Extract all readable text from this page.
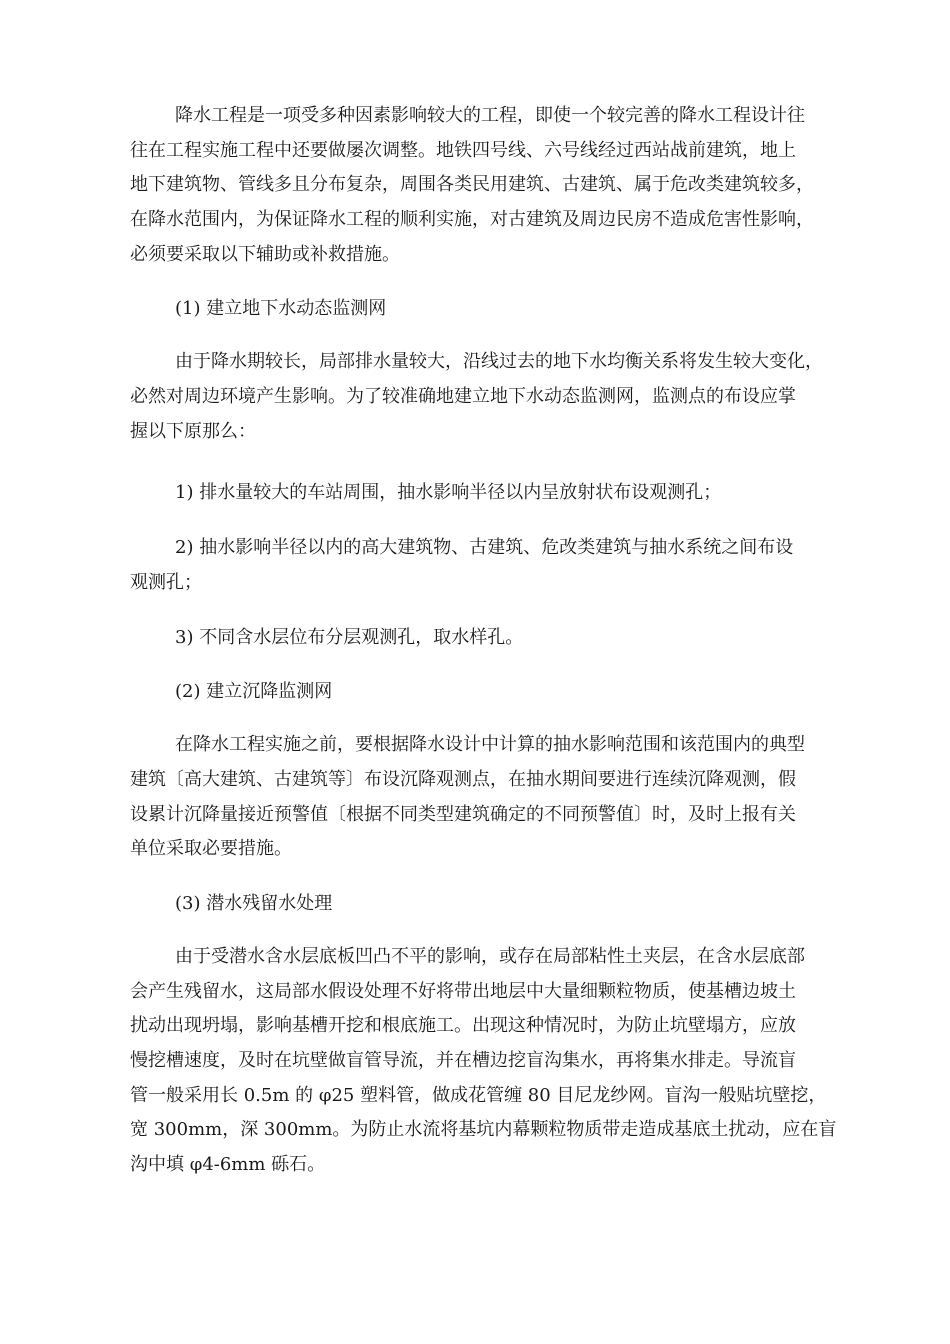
降水工程是一项受多种因素影响较大的工程，即使一个较完善的降水工程设计往
往在工程实施工程中还要做屡次调整。地铁四号线、六号线经过西站战前建筑，地上
地下建筑物、管线多且分布复杂，周围各类民用建筑、古建筑、属于危改类建筑较多，
在降水范围内，为保证降水工程的顺利实施，对古建筑及周边民房不造成危害性影响，
必须要采取以下辅助或补救措施。
(1) 建立地下水动态监测网
由于降水期较长，局部排水量较大，沿线过去的地下水均衡关系将发生较大变化，
必然对周边环境产生影响。为了较准确地建立地下水动态监测网，监测点的布设应掌
握以下原那么：
1) 排水量较大的车站周围，抽水影响半径以内呈放射状布设观测孔；
2) 抽水影响半径以内的高大建筑物、古建筑、危改类建筑与抽水系统之间布设
观测孔；
3) 不同含水层位布分层观测孔，取水样孔。
(2) 建立沉降监测网
在降水工程实施之前，要根据降水设计中计算的抽水影响范围和该范围内的典型
建筑〔高大建筑、古建筑等〕布设沉降观测点，在抽水期间要进行连续沉降观测，假
设累计沉降量接近预警值〔根据不同类型建筑确定的不同预警值〕时，及时上报有关
单位采取必要措施。
(3) 潜水残留水处理
由于受潜水含水层底板凹凸不平的影响，或存在局部粘性土夹层，在含水层底部
会产生残留水，这局部水假设处理不好将带出地层中大量细颗粒物质，使基槽边坡土
扰动出现坍塌，影响基槽开挖和根底施工。出现这种情况时，为防止坑壁塌方，应放
慢挖槽速度，及时在坑壁做盲管导流，并在槽边挖盲沟集水，再将集水排走。导流盲
管一般采用长 0.5m 的 φ25 塑料管，做成花管缠 80 目尼龙纱网。盲沟一般贴坑壁挖，
宽 300mm，深 300mm。为防止水流将基坑内幕颗粒物质带走造成基底土扰动，应在盲
沟中填 φ4-6mm 砾石。
